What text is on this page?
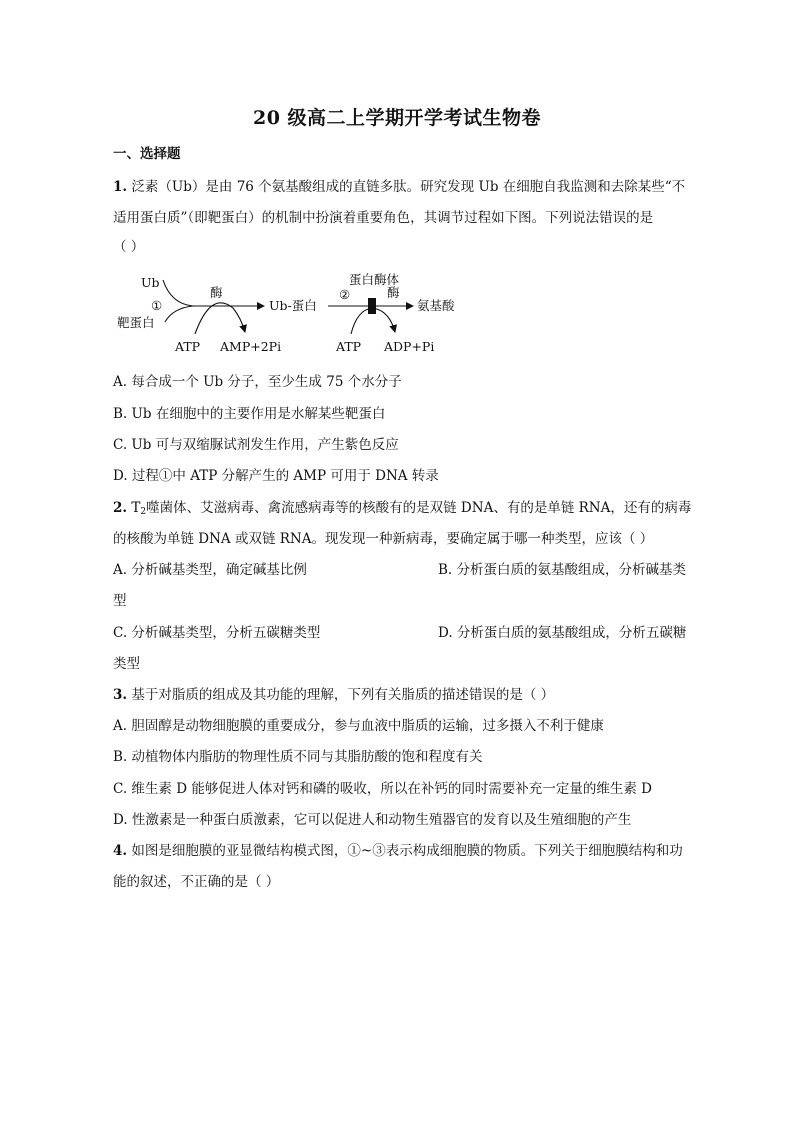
20 级高二上学期开学考试生物卷
一、选择题
1. 泛素（Ub）是由 76 个氨基酸组成的直链多肽。研究发现 Ub 在细胞自我监测和去除某些“不
适用蛋白质”（即靶蛋白）的机制中扮演着重要角色，其调节过程如下图。下列说法错误的是
（ ）
Ub
①
靶蛋白
酶
ATP AMP+2Pi
Ub-蛋白
②
蛋白酶体
酶
ATP ADP+Pi
氨基酸
A. 每合成一个 Ub 分子，至少生成 75 个水分子
B. Ub 在细胞中的主要作用是水解某些靶蛋白
C. Ub 可与双缩脲试剂发生作用，产生紫色反应
D. 过程①中 ATP 分解产生的 AMP 可用于 DNA 转录
2. $T_2$噬菌体、艾滋病毒、禽流感病毒等的核酸有的是双链 DNA、有的是单链 RNA，还有的病毒
的核酸为单链 DNA 或双链 RNA。现发现一种新病毒，要确定属于哪一种类型，应该（ ）
A. 分析碱基类型，确定碱基比例	B. 分析蛋白质的氨基酸组成，分析碱基类
型
C. 分析碱基类型，分析五碳糖类型	D. 分析蛋白质的氨基酸组成，分析五碳糖
类型
3. 基于对脂质的组成及其功能的理解，下列有关脂质的描述错误的是（ ）
A. 胆固醇是动物细胞膜的重要成分，参与血液中脂质的运输，过多摄入不利于健康
B. 动植物体内脂肪的物理性质不同与其脂肪酸的饱和程度有关
C. 维生素 D 能够促进人体对钙和磷的吸收，所以在补钙的同时需要补充一定量的维生素 D
D. 性激素是一种蛋白质激素，它可以促进人和动物生殖器官的发育以及生殖细胞的产生
4. 如图是细胞膜的亚显微结构模式图，①~③表示构成细胞膜的物质。下列关于细胞膜结构和功
能的叙述，不正确的是（ ）
